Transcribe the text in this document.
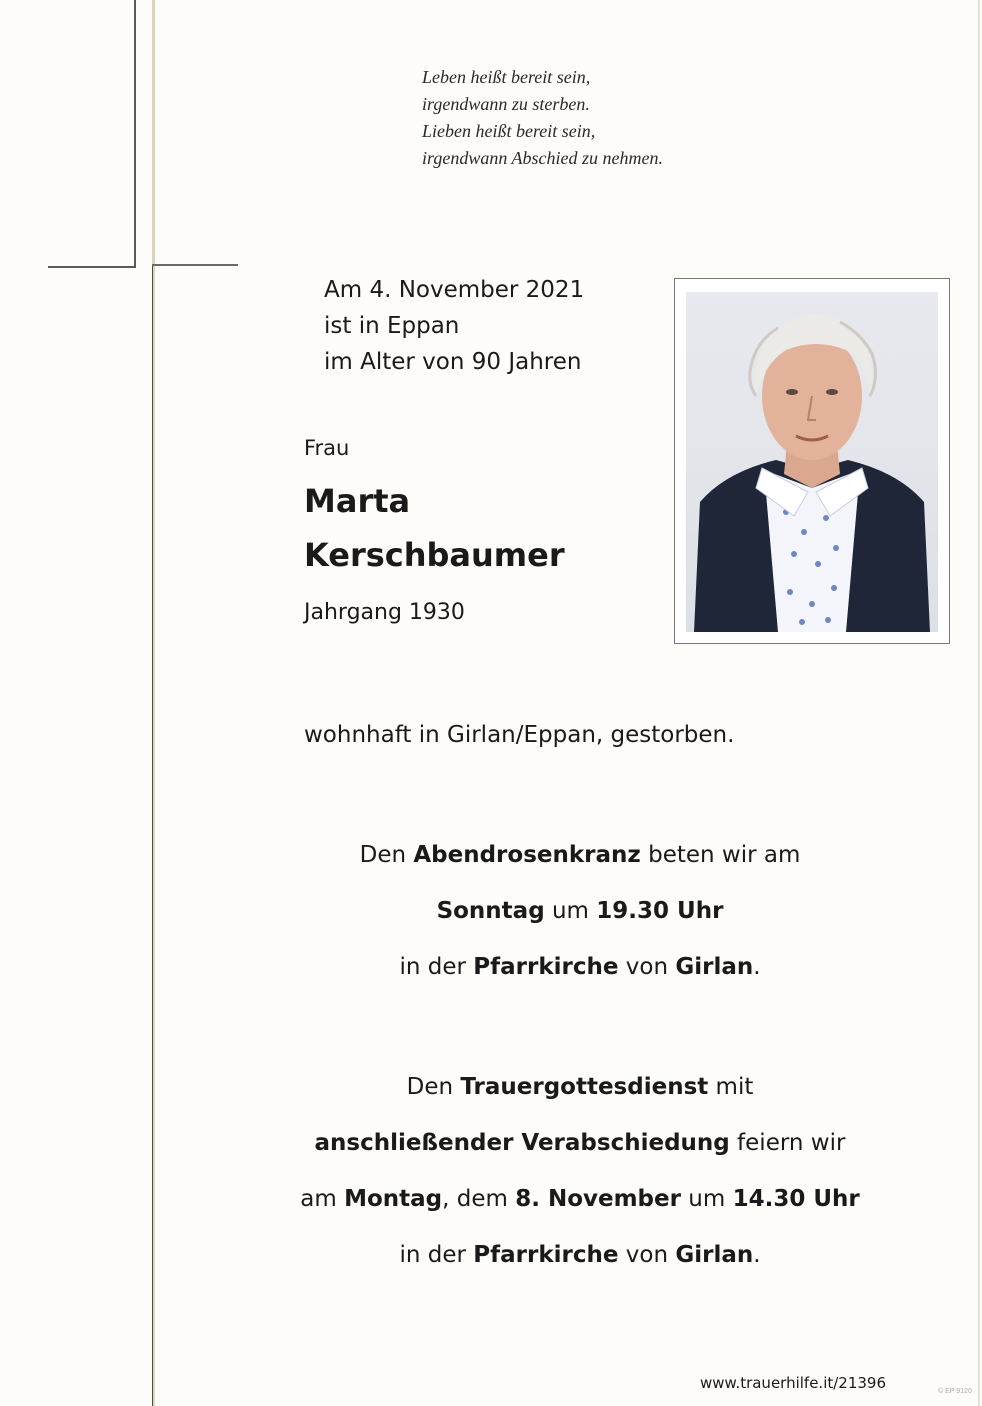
Leben heißt bereit sein,
irgendwann zu sterben.
Lieben heißt bereit sein,
irgendwann Abschied zu nehmen.
Am 4. November 2021
ist in Eppan
im Alter von 90 Jahren
Frau
Marta
Kerschbaumer
Jahrgang 1930
wohnhaft in Girlan/Eppan, gestorben.
Den Abendrosenkranz beten wir am
Sonntag um 19.30 Uhr
in der Pfarrkirche von Girlan.
Den Trauergottesdienst mit
anschließender Verabschiedung feiern wir
am Montag, dem 8. November um 14.30 Uhr
in der Pfarrkirche von Girlan.
www.trauerhilfe.it/21396	© EP 9120
